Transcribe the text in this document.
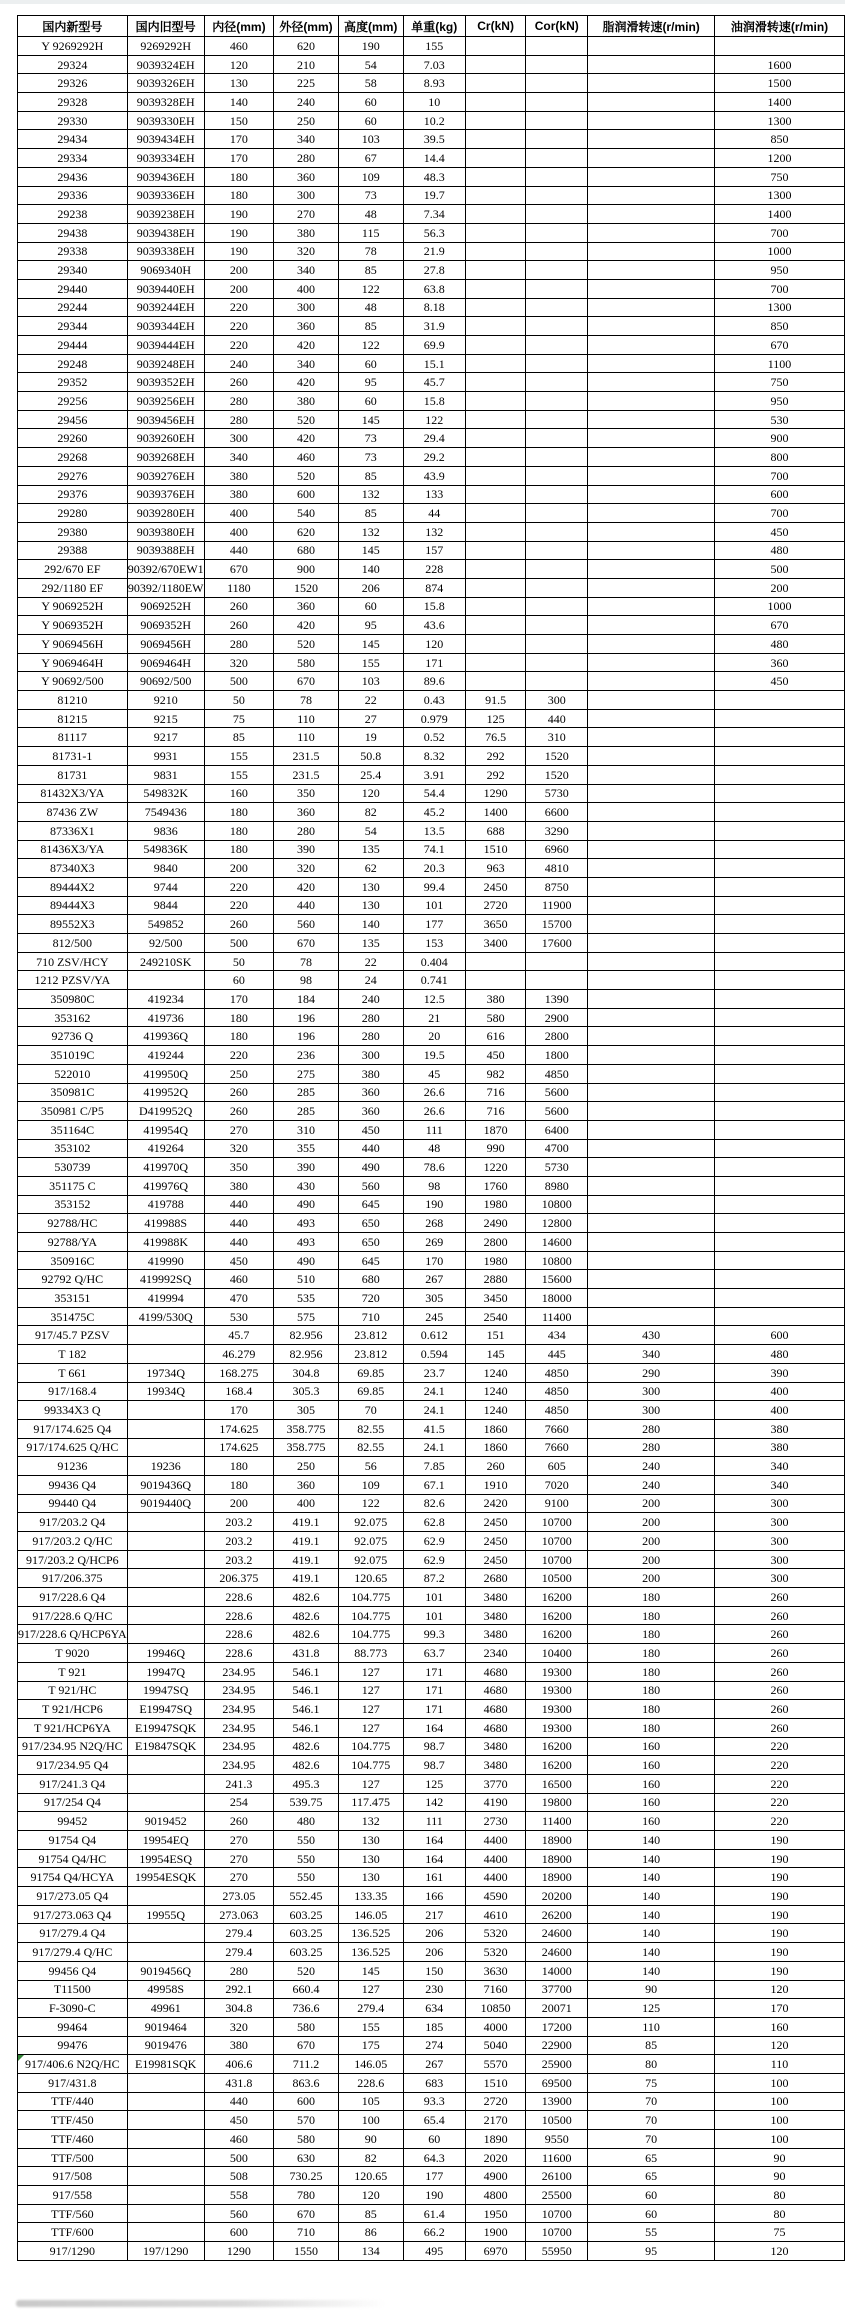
国内新型号	国内旧型号	内径(mm)	外径(mm)	高度(mm)	单重(kg)	Cr(kN)	Cor(kN)	脂润滑转速(r/min)	油润滑转速(r/min)
Y 9269292H	9269292H	460	620	190	155				
29324	9039324EH	120	210	54	7.03				1600
29326	9039326EH	130	225	58	8.93				1500
29328	9039328EH	140	240	60	10				1400
29330	9039330EH	150	250	60	10.2				1300
29434	9039434EH	170	340	103	39.5				850
29334	9039334EH	170	280	67	14.4				1200
29436	9039436EH	180	360	109	48.3				750
29336	9039336EH	180	300	73	19.7				1300
29238	9039238EH	190	270	48	7.34				1400
29438	9039438EH	190	380	115	56.3				700
29338	9039338EH	190	320	78	21.9				1000
29340	9069340H	200	340	85	27.8				950
29440	9039440EH	200	400	122	63.8				700
29244	9039244EH	220	300	48	8.18				1300
29344	9039344EH	220	360	85	31.9				850
29444	9039444EH	220	420	122	69.9				670
29248	9039248EH	240	340	60	15.1				1100
29352	9039352EH	260	420	95	45.7				750
29256	9039256EH	280	380	60	15.8				950
29456	9039456EH	280	520	145	122				530
29260	9039260EH	300	420	73	29.4				900
29268	9039268EH	340	460	73	29.2				800
29276	9039276EH	380	520	85	43.9				700
29376	9039376EH	380	600	132	133				600
29280	9039280EH	400	540	85	44				700
29380	9039380EH	400	620	132	132				450
29388	9039388EH	440	680	145	157				480
292/670 EF	90392/670EW1	670	900	140	228				500
292/1180 EF	90392/1180EW	1180	1520	206	874				200
Y 9069252H	9069252H	260	360	60	15.8				1000
Y 9069352H	9069352H	260	420	95	43.6				670
Y 9069456H	9069456H	280	520	145	120				480
Y 9069464H	9069464H	320	580	155	171				360
Y 90692/500	90692/500	500	670	103	89.6				450
81210	9210	50	78	22	0.43	91.5	300		
81215	9215	75	110	27	0.979	125	440		
81117	9217	85	110	19	0.52	76.5	310		
81731-1	9931	155	231.5	50.8	8.32	292	1520		
81731	9831	155	231.5	25.4	3.91	292	1520		
81432X3/YA	549832K	160	350	120	54.4	1290	5730		
87436 ZW	7549436	180	360	82	45.2	1400	6600		
87336X1	9836	180	280	54	13.5	688	3290		
81436X3/YA	549836K	180	390	135	74.1	1510	6960		
87340X3	9840	200	320	62	20.3	963	4810		
89444X2	9744	220	420	130	99.4	2450	8750		
89444X3	9844	220	440	130	101	2720	11900		
89552X3	549852	260	560	140	177	3650	15700		
812/500	92/500	500	670	135	153	3400	17600		
710 ZSV/HCY	249210SK	50	78	22	0.404				
1212 PZSV/YA		60	98	24	0.741				
350980C	419234	170	184	240	12.5	380	1390		
353162	419736	180	196	280	21	580	2900		
92736 Q	419936Q	180	196	280	20	616	2800		
351019C	419244	220	236	300	19.5	450	1800		
522010	419950Q	250	275	380	45	982	4850		
350981C	419952Q	260	285	360	26.6	716	5600		
350981 C/P5	D419952Q	260	285	360	26.6	716	5600		
351164C	419954Q	270	310	450	111	1870	6400		
353102	419264	320	355	440	48	990	4700		
530739	419970Q	350	390	490	78.6	1220	5730		
351175 C	419976Q	380	430	560	98	1760	8980		
353152	419788	440	490	645	190	1980	10800		
92788/HC	419988S	440	493	650	268	2490	12800		
92788/YA	419988K	440	493	650	269	2800	14600		
350916C	419990	450	490	645	170	1980	10800		
92792 Q/HC	419992SQ	460	510	680	267	2880	15600		
353151	419994	470	535	720	305	3450	18000		
351475C	4199/530Q	530	575	710	245	2540	11400		
917/45.7 PZSV		45.7	82.956	23.812	0.612	151	434	430	600
T 182		46.279	82.956	23.812	0.594	145	445	340	480
T 661	19734Q	168.275	304.8	69.85	23.7	1240	4850	290	390
917/168.4	19934Q	168.4	305.3	69.85	24.1	1240	4850	300	400
99334X3 Q		170	305	70	24.1	1240	4850	300	400
917/174.625 Q4		174.625	358.775	82.55	41.5	1860	7660	280	380
917/174.625 Q/HC		174.625	358.775	82.55	24.1	1860	7660	280	380
91236	19236	180	250	56	7.85	260	605	240	340
99436 Q4	9019436Q	180	360	109	67.1	1910	7020	240	340
99440 Q4	9019440Q	200	400	122	82.6	2420	9100	200	300
917/203.2 Q4		203.2	419.1	92.075	62.8	2450	10700	200	300
917/203.2 Q/HC		203.2	419.1	92.075	62.9	2450	10700	200	300
917/203.2 Q/HCP6		203.2	419.1	92.075	62.9	2450	10700	200	300
917/206.375		206.375	419.1	120.65	87.2	2680	10500	200	300
917/228.6 Q4		228.6	482.6	104.775	101	3480	16200	180	260
917/228.6 Q/HC		228.6	482.6	104.775	101	3480	16200	180	260
917/228.6 Q/HCP6YA		228.6	482.6	104.775	99.3	3480	16200	180	260
T 9020	19946Q	228.6	431.8	88.773	63.7	2340	10400	180	260
T 921	19947Q	234.95	546.1	127	171	4680	19300	180	260
T 921/HC	19947SQ	234.95	546.1	127	171	4680	19300	180	260
T 921/HCP6	E19947SQ	234.95	546.1	127	171	4680	19300	180	260
T 921/HCP6YA	E19947SQK	234.95	546.1	127	164	4680	19300	180	260
917/234.95 N2Q/HC	E19847SQK	234.95	482.6	104.775	98.7	3480	16200	160	220
917/234.95 Q4		234.95	482.6	104.775	98.7	3480	16200	160	220
917/241.3 Q4		241.3	495.3	127	125	3770	16500	160	220
917/254 Q4		254	539.75	117.475	142	4190	19800	160	220
99452	9019452	260	480	132	111	2730	11400	160	220
91754 Q4	19954EQ	270	550	130	164	4400	18900	140	190
91754 Q4/HC	19954ESQ	270	550	130	164	4400	18900	140	190
91754 Q4/HCYA	19954ESQK	270	550	130	161	4400	18900	140	190
917/273.05 Q4		273.05	552.45	133.35	166	4590	20200	140	190
917/273.063 Q4	19955Q	273.063	603.25	146.05	217	4610	26200	140	190
917/279.4 Q4		279.4	603.25	136.525	206	5320	24600	140	190
917/279.4 Q/HC		279.4	603.25	136.525	206	5320	24600	140	190
99456 Q4	9019456Q	280	520	145	150	3630	14000	140	190
T11500	49958S	292.1	660.4	127	230	7160	37700	90	120
F-3090-C	49961	304.8	736.6	279.4	634	10850	20071	125	170
99464	9019464	320	580	155	185	4000	17200	110	160
99476	9019476	380	670	175	274	5040	22900	85	120
917/406.6 N2Q/HC	E19981SQK	406.6	711.2	146.05	267	5570	25900	80	110
917/431.8		431.8	863.6	228.6	683	1510	69500	75	100
TTF/440		440	600	105	93.3	2720	13900	70	100
TTF/450		450	570	100	65.4	2170	10500	70	100
TTF/460		460	580	90	60	1890	9550	70	100
TTF/500		500	630	82	64.3	2020	11600	65	90
917/508		508	730.25	120.65	177	4900	26100	65	90
917/558		558	780	120	190	4800	25500	60	80
TTF/560		560	670	85	61.4	1950	10700	60	80
TTF/600		600	710	86	66.2	1900	10700	55	75
917/1290	197/1290	1290	1550	134	495	6970	55950	95	120
